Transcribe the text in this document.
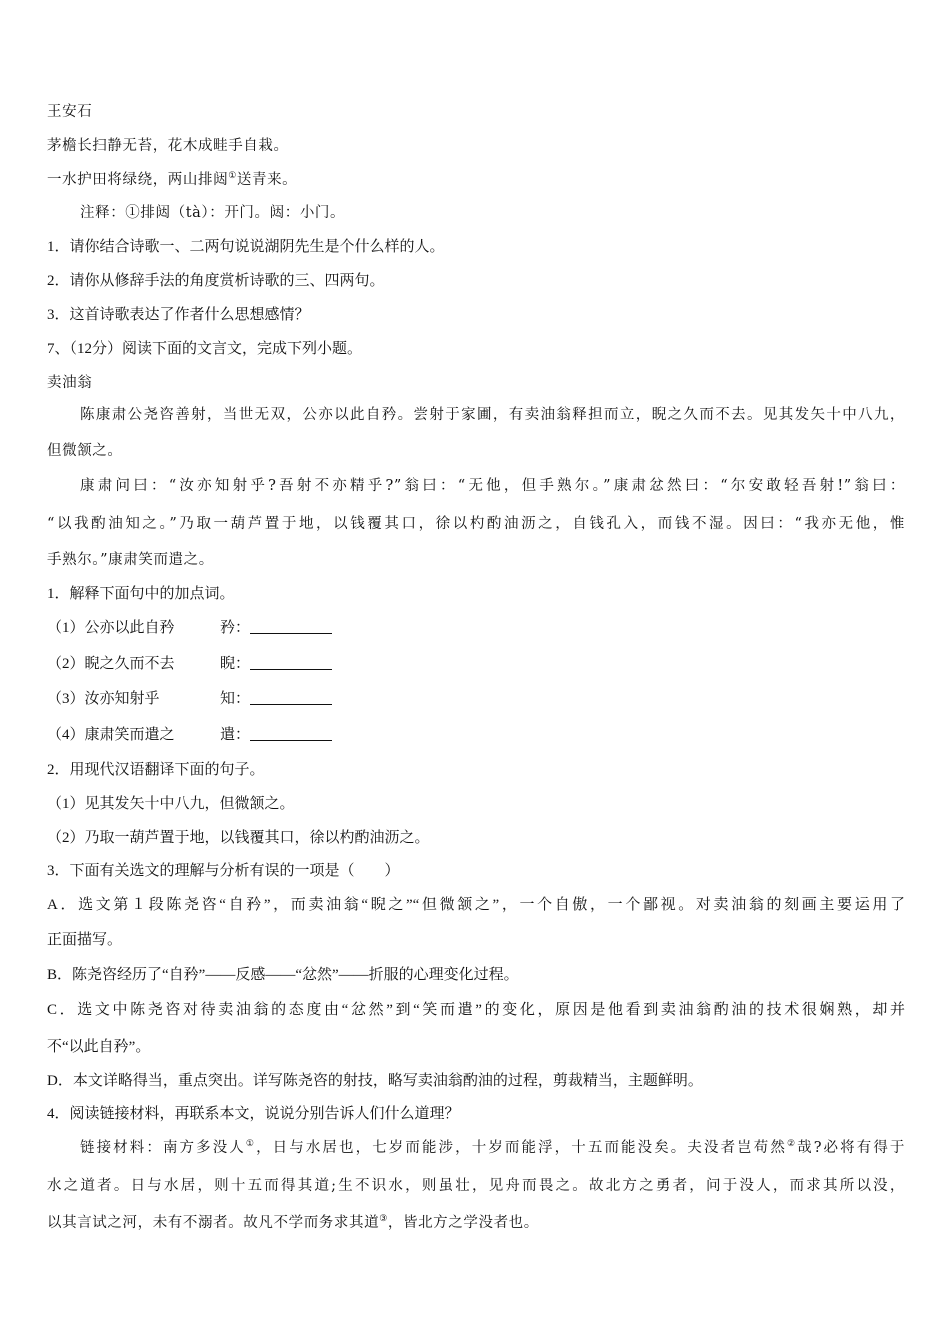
王安石
茅檐长扫静无苔，花木成畦手自栽。
一水护田将绿绕，两山排闼①送青来。
注释：①排闼（tà）：开门。闼：小门。
1．请你结合诗歌一、二两句说说湖阴先生是个什么样的人。
2．请你从修辞手法的角度赏析诗歌的三、四两句。
3．这首诗歌表达了作者什么思想感情？
7、（12分）阅读下面的文言文，完成下列小题。
卖油翁
陈康肃公尧咨善射，当世无双，公亦以此自矜。尝射于家圃，有卖油翁释担而立，睨之久而不去。见其发矢十中八九，
但微颔之。
康肃问曰：“汝亦知射乎?吾射不亦精乎?”翁曰：“无他，但手熟尔。”康肃忿然曰：“尔安敢轻吾射!”翁曰：
“以我酌油知之。”乃取一葫芦置于地，以钱覆其口，徐以杓酌油沥之，自钱孔入，而钱不湿。因曰：“我亦无他，惟
手熟尔。”康肃笑而遣之。
1．解释下面句中的加点词。
（1）公亦以此自矜	矜：
（2）睨之久而不去	睨：
（3）汝亦知射乎	知：
（4）康肃笑而遣之	遣：
2．用现代汉语翻译下面的句子。
（1）见其发矢十中八九，但微颔之。
（2）乃取一葫芦置于地，以钱覆其口，徐以杓酌油沥之。
3．下面有关选文的理解与分析有误的一项是（　　）
A．选文第１段陈尧咨“自矜”，而卖油翁“睨之”“但微颔之”，一个自傲，一个鄙视。对卖油翁的刻画主要运用了
正面描写。
B．陈尧咨经历了“自矜”——反感——“忿然”——折服的心理变化过程。
C．选文中陈尧咨对待卖油翁的态度由“忿然”到“笑而遣”的变化，原因是他看到卖油翁酌油的技术很娴熟，却并
不“以此自矜”。
D．本文详略得当，重点突出。详写陈尧咨的射技，略写卖油翁酌油的过程，剪裁精当，主题鲜明。
4．阅读链接材料，再联系本文，说说分别告诉人们什么道理？
链接材料：南方多没人①，日与水居也，七岁而能涉，十岁而能浮，十五而能没矣。夫没者岂苟然②哉?必将有得于
水之道者。日与水居，则十五而得其道;生不识水，则虽壮，见舟而畏之。故北方之勇者，问于没人，而求其所以没，
以其言试之河，未有不溺者。故凡不学而务求其道③，皆北方之学没者也。
